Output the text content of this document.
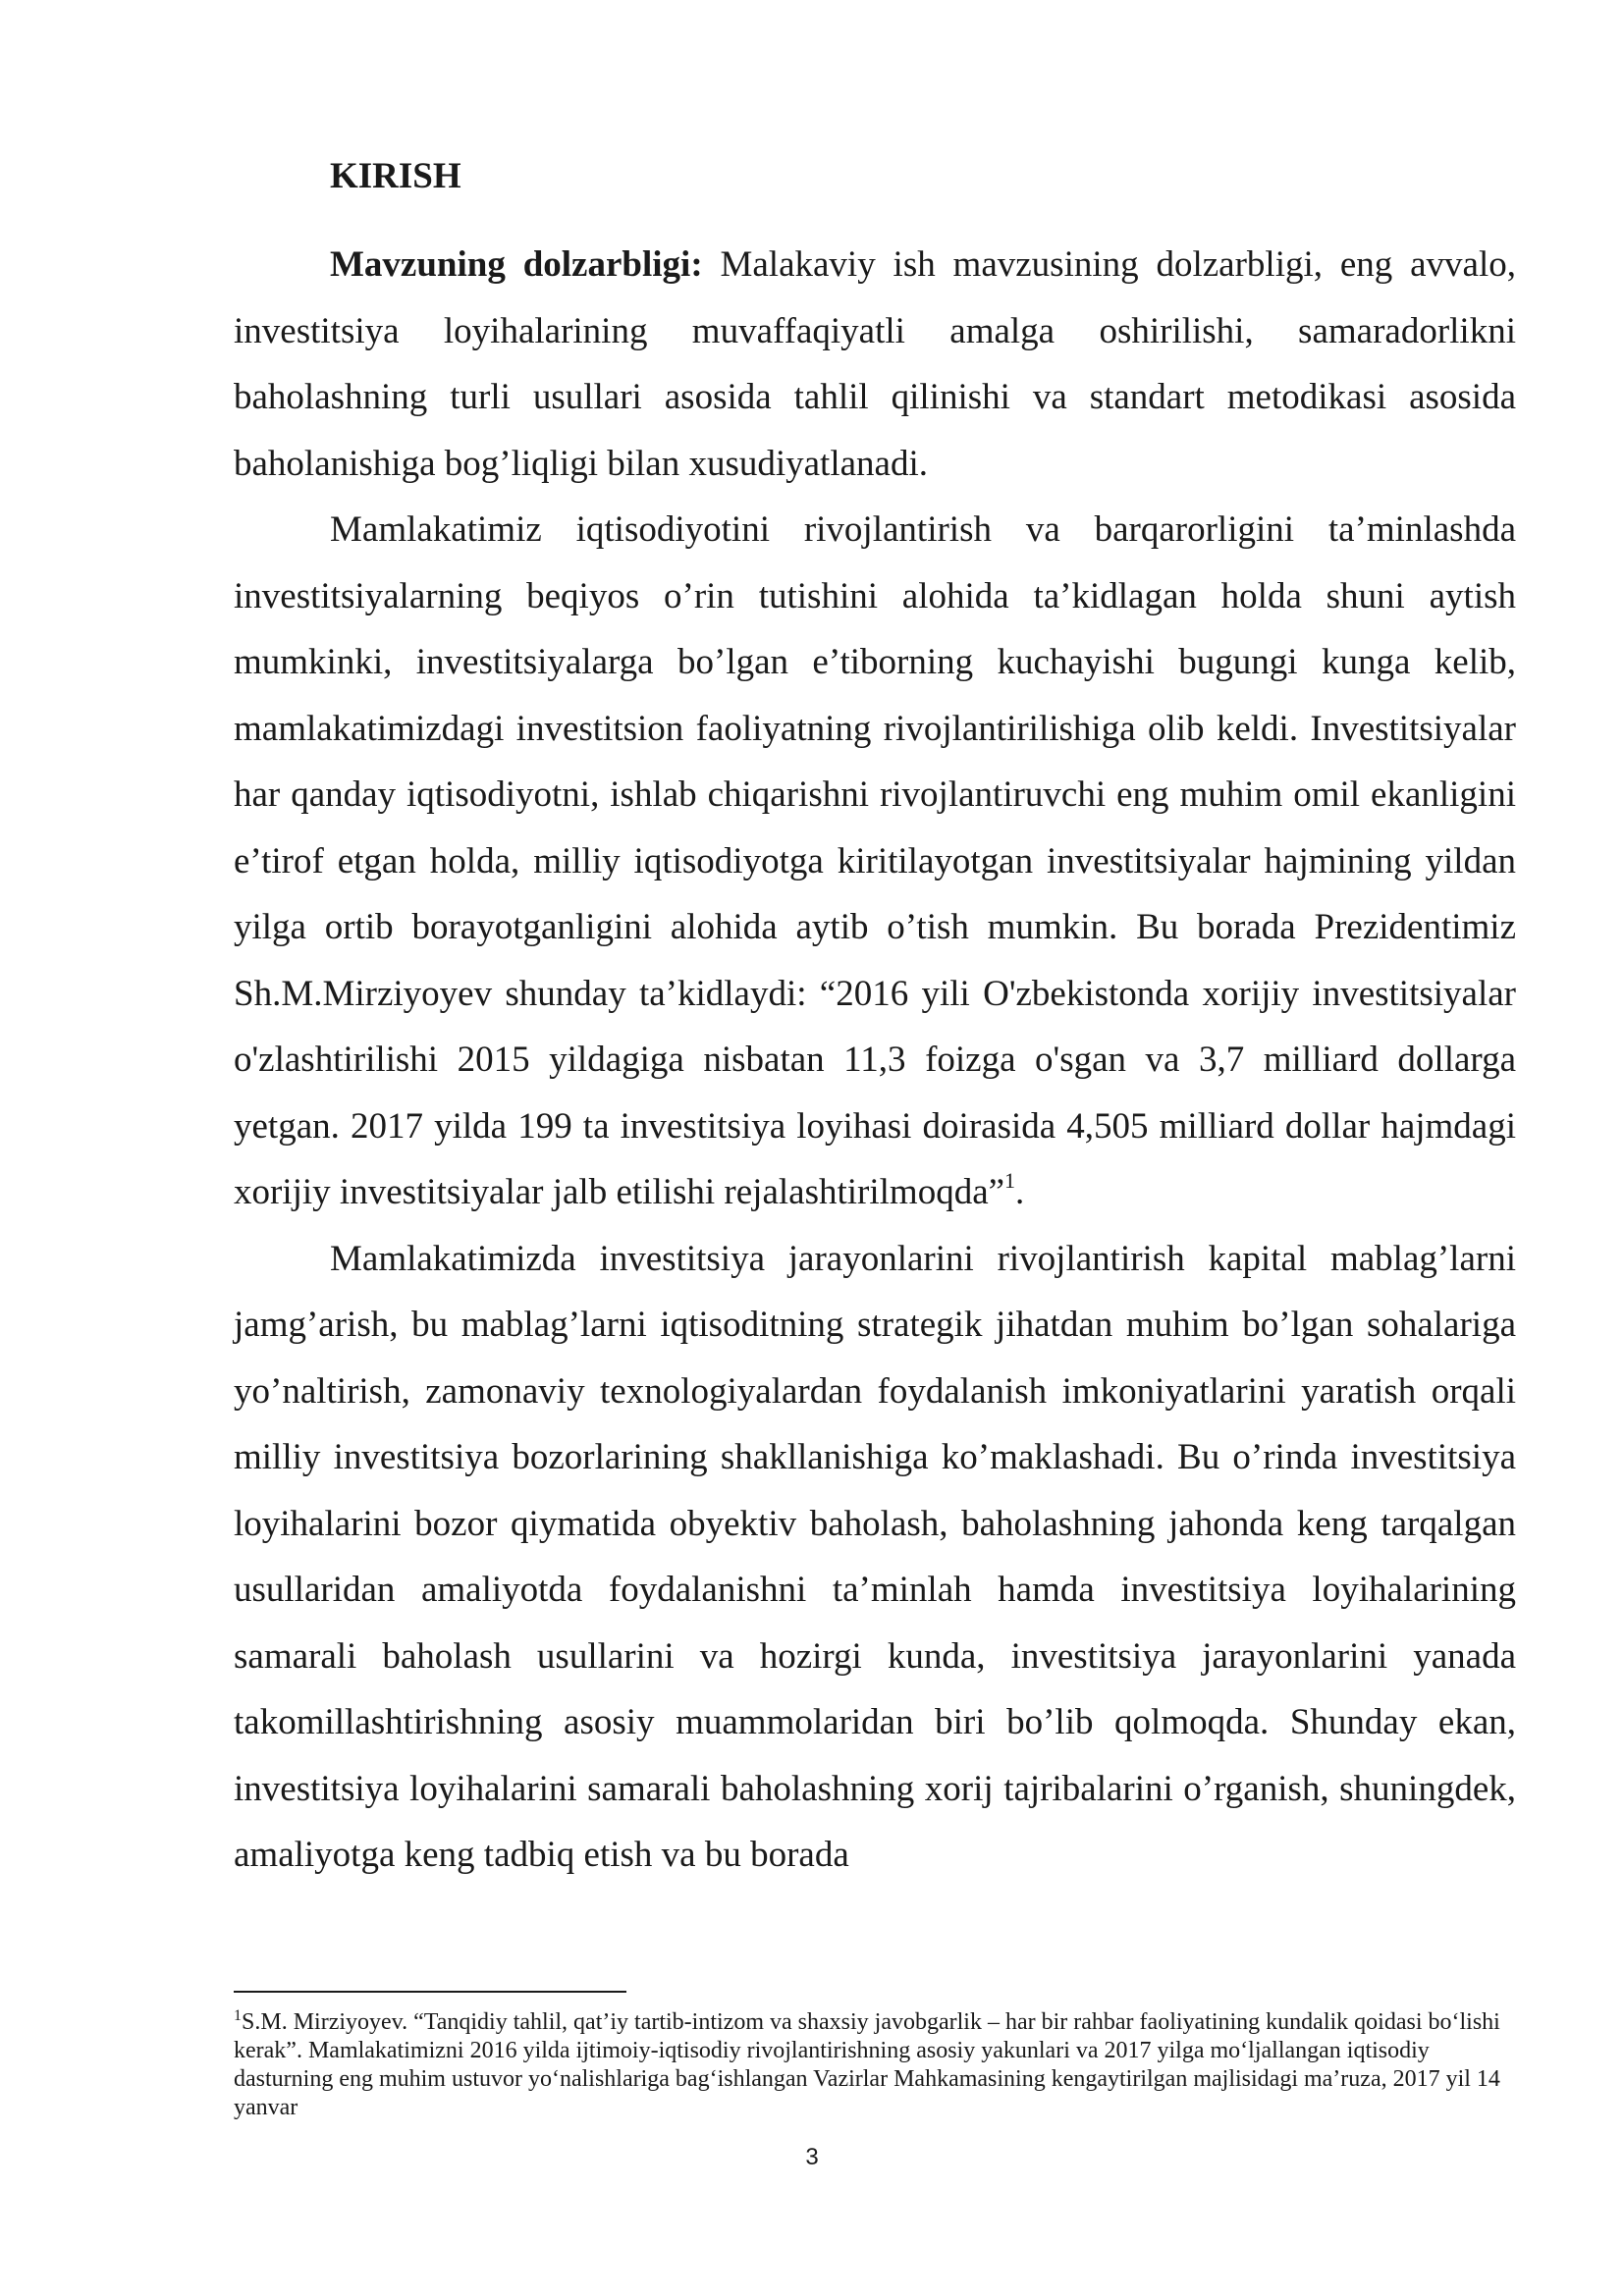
KIRISH

Mavzuning dolzarbligi: Malakaviy ish mavzusining dolzarbligi, eng avvalo, investitsiya loyihalarining muvaffaqiyatli amalga oshirilishi, samaradorlikni baholashning turli usullari asosida tahlil qilinishi va standart metodikasi asosida baholanishiga bog’liqligi bilan xusudiyatlanadi.

Mamlakatimiz iqtisodiyotini rivojlantirish va barqarorligini ta’minlashda investitsiyalarning beqiyos o’rin tutishini alohida ta’kidlagan holda shuni aytish mumkinki, investitsiyalarga bo’lgan e’tiborning kuchayishi bugungi kunga kelib, mamlakatimizdagi investitsion faoliyatning rivojlantirilishiga olib keldi. Investitsiyalar har qanday iqtisodiyotni, ishlab chiqarishni rivojlantiruvchi eng muhim omil ekanligini e’tirof etgan holda, milliy iqtisodiyotga kiritilayotgan investitsiyalar hajmining yildan yilga ortib borayotganligini alohida aytib o’tish mumkin. Bu borada Prezidentimiz Sh.M.Mirziyoyev shunday ta’kidlaydi: “2016 yili O'zbekistonda xorijiy investitsiyalar o'zlashtirilishi 2015 yildagiga nisbatan 11,3 foizga o'sgan va 3,7 milliard dollarga yetgan. 2017 yilda 199 ta investitsiya loyihasi doirasida 4,505 milliard dollar hajmdagi xorijiy investitsiyalar jalb etilishi rejalashtirilmoqda”$^1$.

Mamlakatimizda investitsiya jarayonlarini rivojlantirish kapital mablag’larni jamg’arish, bu mablag’larni iqtisoditning strategik jihatdan muhim bo’lgan sohalariga yo’naltirish, zamonaviy texnologiyalardan foydalanish imkoniyatlarini yaratish orqali milliy investitsiya bozorlarining shakllanishiga ko’maklashadi. Bu o’rinda investitsiya loyihalarini bozor qiymatida obyektiv baholash, baholashning jahonda keng tarqalgan usullaridan amaliyotda foydalanishni ta’minlah hamda investitsiya loyihalarining samarali baholash usullarini va hozirgi kunda, investitsiya jarayonlarini yanada takomillashtirishning asosiy muammolaridan biri bo’lib qolmoqda. Shunday ekan, investitsiya loyihalarini samarali baholashning xorij tajribalarini o’rganish, shuningdek, amaliyotga keng tadbiq etish va bu borada

$^1$S.M. Mirziyoyev. “Tanqidiy tahlil, qat’iy tartib-intizom va shaxsiy javobgarlik – har bir rahbar faoliyatining kundalik qoidasi bo‘lishi kerak”. Mamlakatimizni 2016 yilda ijtimoiy-iqtisodiy rivojlantirishning asosiy yakunlari va 2017 yilga mo‘ljallangan iqtisodiy dasturning eng muhim ustuvor yo‘nalishlariga bag‘ishlangan Vazirlar Mahkamasining kengaytirilgan majlisidagi ma’ruza, 2017 yil 14 yanvar

3
